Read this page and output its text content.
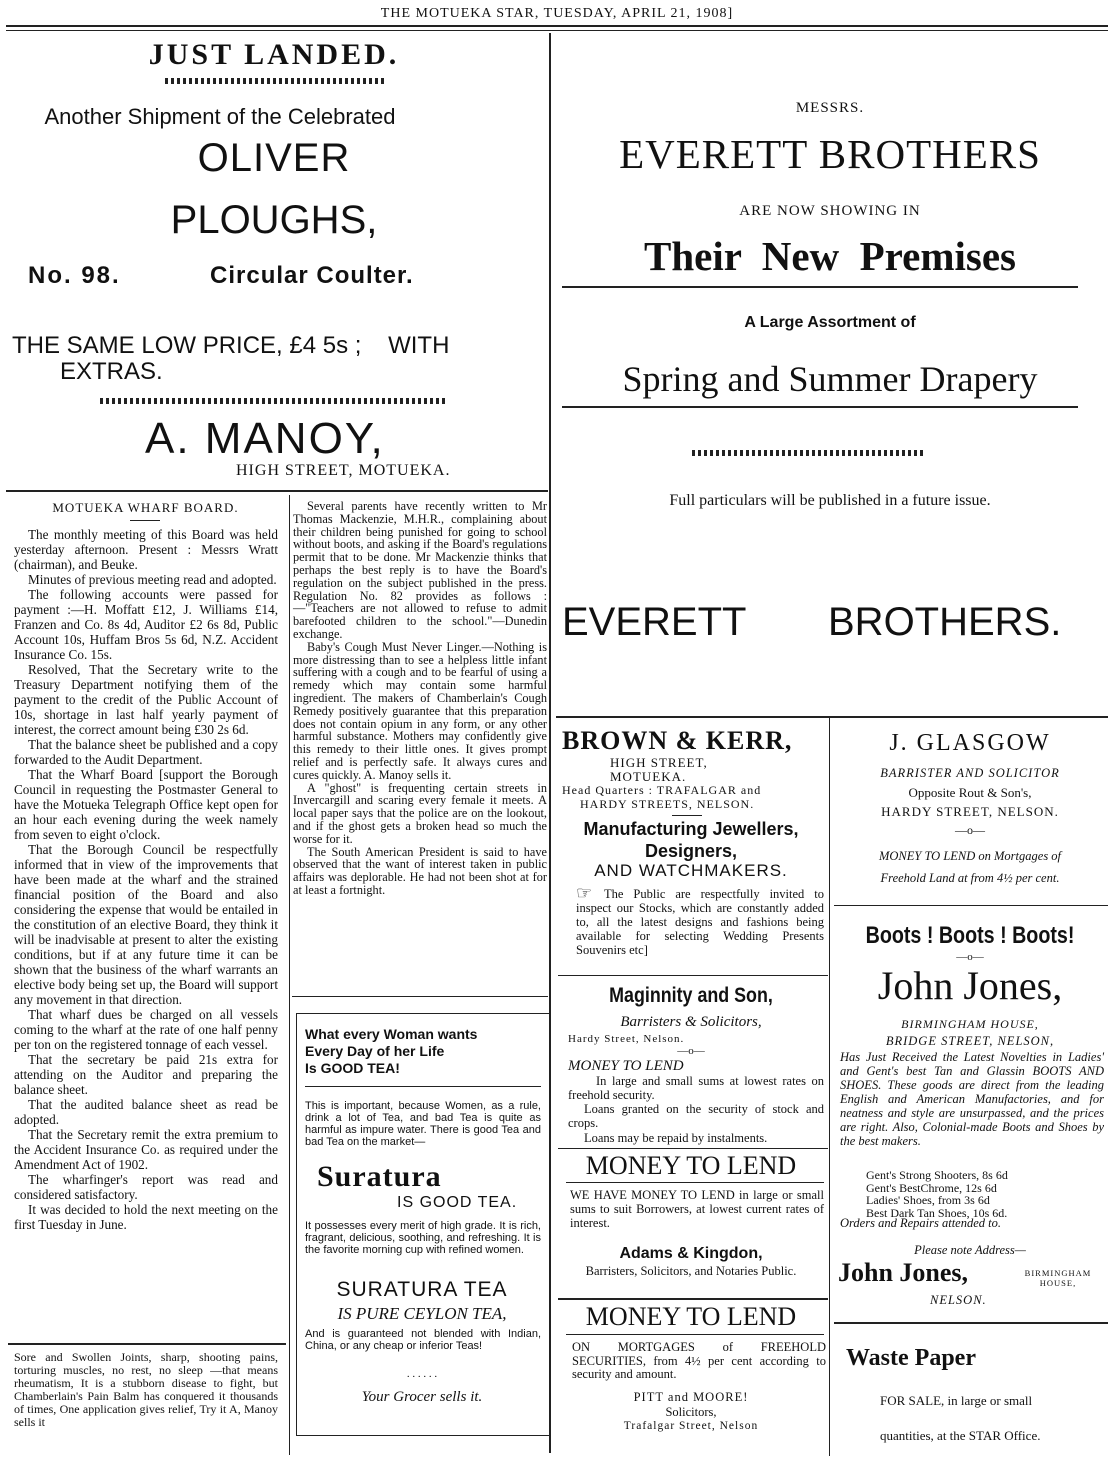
THE MOTUEKA STAR, TUESDAY, APRIL 21, 1908]
JUST LANDED.
Another Shipment of the Celebrated
OLIVER
PLOUGHS,
No. 98.	Circular Coulter.
THE SAME LOW PRICE, £4 5s ;    WITH
EXTRAS.
A. MANOY,
HIGH STREET, MOTUEKA.
MESSRS.
EVERETT BROTHERS
ARE NOW SHOWING IN
Their  New  Premises
A Large Assortment of
Spring and Summer Drapery
Full particulars will be published in a future issue.
EVERETT BROTHERS.
MOTUEKA WHARF BOARD.

The monthly meeting of this Board was held yesterday afternoon. Present : Messrs Wratt (chairman), and Beuke.

Minutes of previous meeting read and adopted.

The following accounts were passed for payment :—H. Moffatt £12, J. Williams £14, Franzen and Co. 8s 4d, Auditor £2 6s 8d, Public Account 10s, Huffam Bros 5s 6d, N.Z. Accident Insurance Co. 15s.

Resolved, That the Secretary write to the Treasury Department notifying them of the payment to the credit of the Public Account of 10s, shortage in last half yearly payment of interest, the correct amount being £30 2s 6d.

That the balance sheet be published and a copy forwarded to the Audit Department.

That the Wharf Board [support the Borough Council in requesting the Postmaster General to have the Motueka Telegraph Office kept open for an hour each evening during the week namely from seven to eight o'clock.

That the Borough Council be respectfully informed that in view of the improvements that have been made at the wharf and the strained financial position of the Board and also considering the expense that would be entailed in the constitution of an elective Board, they think it will be inadvisable at present to alter the existing conditions, but if at any future time it can be shown that the business of the wharf warrants an elective body being set up, the Board will support any movement in that direction.

That wharf dues be charged on all vessels coming to the wharf at the rate of one half penny per ton on the registered tonnage of each vessel.

That the secretary be paid 21s extra for attending on the Auditor and preparing the balance sheet.

That the audited balance sheet as read be adopted.

That the Secretary remit the extra premium to the Accident Insurance Co. as required under the Amendment Act of 1902.

The wharfinger's report was read and considered satisfactory.

It was decided to hold the next meeting on the first Tuesday in June.

Sore and Swollen Joints, sharp, shooting pains, torturing muscles, no rest, no sleep —that means rheumatism, It is a stubborn disease to fight, but Chamberlain's Pain Balm has conquered it thousands of times, One application gives relief, Try it A, Manoy sells it

Several parents have recently written to Mr Thomas Mackenzie, M.H.R., complaining about their children being punished for going to school without boots, and asking if the Board's regulations permit that to be done. Mr Mackenzie thinks that perhaps the best reply is to have the Board's regulation on the subject published in the press. Regulation No. 82 provides as follows :—"Teachers are not allowed to refuse to admit barefooted children to the school."—Dunedin exchange.

Baby's Cough Must Never Linger.—Nothing is more distressing than to see a helpless little infant suffering with a cough and to be fearful of using a remedy which may contain some harmful ingredient. The makers of Chamberlain's Cough Remedy positively guarantee that this preparation does not contain opium in any form, or any other harmful substance. Mothers may confidently give this remedy to their little ones. It gives prompt relief and is perfectly safe. It always cures and cures quickly. A. Manoy sells it.

A "ghost" is frequenting certain streets in Invercargill and scaring every female it meets. A local paper says that the police are on the lookout, and if the ghost gets a broken head so much the worse for it.

The South American President is said to have observed that the want of interest taken in public affairs was deplorable. He had not been shot at for at least a fortnight.

What every Woman wants
Every Day of her Life
Is GOOD TEA!
This is important, because Women, as a rule, drink a lot of Tea, and bad Tea is quite as harmful as impure water. There is good Tea and bad Tea on the market—
Suratura
IS GOOD TEA.
It possesses every merit of high grade. It is rich, fragrant, delicious, soothing, and refreshing. It is the favorite morning cup with refined women.
SURATURA TEA
IS PURE CEYLON TEA,
And is guaranteed not blended with Indian, China, or any cheap or inferior Teas!
. . . . . .
Your Grocer sells it.
BROWN & KERR,
HIGH STREET,
MOTUEKA.
Head Quarters : TRAFALGAR and
HARDY STREETS, NELSON.
Manufacturing Jewellers,
Designers,
AND WATCHMAKERS.
The Public are respectfully invited to inspect our Stocks, which are constantly added to, all the latest designs and fashions being available for selecting Wedding Presents Souvenirs etc]
☞
J. GLASGOW
BARRISTER AND SOLICITOR
Opposite Rout & Son's,
HARDY STREET, NELSON.
—o—
MONEY TO LEND on Mortgages of
Freehold Land at from 4½ per cent.
Maginnity and Son,
Barristers & Solicitors,
Hardy Street, Nelson.
—o—
MONEY TO LEND
In large and small sums at lowest rates on freehold security.
Loans granted on the security of stock and crops.
Loans may be repaid by instalments.
MONEY TO LEND
WE HAVE MONEY TO LEND in large or small sums to suit Borrowers, at lowest current rates of interest.
Adams & Kingdon,
Barristers, Solicitors, and Notaries Public.
MONEY TO LEND
ON MORTGAGES of FREEHOLD SECURITIES, from 4½ per cent according to security and amount.
PITT and MOORE!
Solicitors,
Trafalgar Street, Nelson
Boots ! Boots ! Boots!
—o—
John Jones,
BIRMINGHAM HOUSE,
BRIDGE STREET, NELSON,
Has Just Received the Latest Novelties in Ladies' and Gent's best Tan and Glassin BOOTS AND SHOES. These goods are direct from the leading English and American Manufactories, and for neatness and style are unsurpassed, and the prices are right. Also, Colonial-made Boots and Shoes by the best makers.
Gent's Strong Shooters, 8s 6d
Gent's BestChrome, 12s 6d
Ladies' Shoes, from 3s 6d
Best Dark Tan Shoes, 10s 6d.
Orders and Repairs attended to.
Please note Address—
John Jones,	BIRMINGHAM
HOUSE,
NELSON.
Waste Paper
FOR SALE, in large or small
quantities, at the STAR Office.
